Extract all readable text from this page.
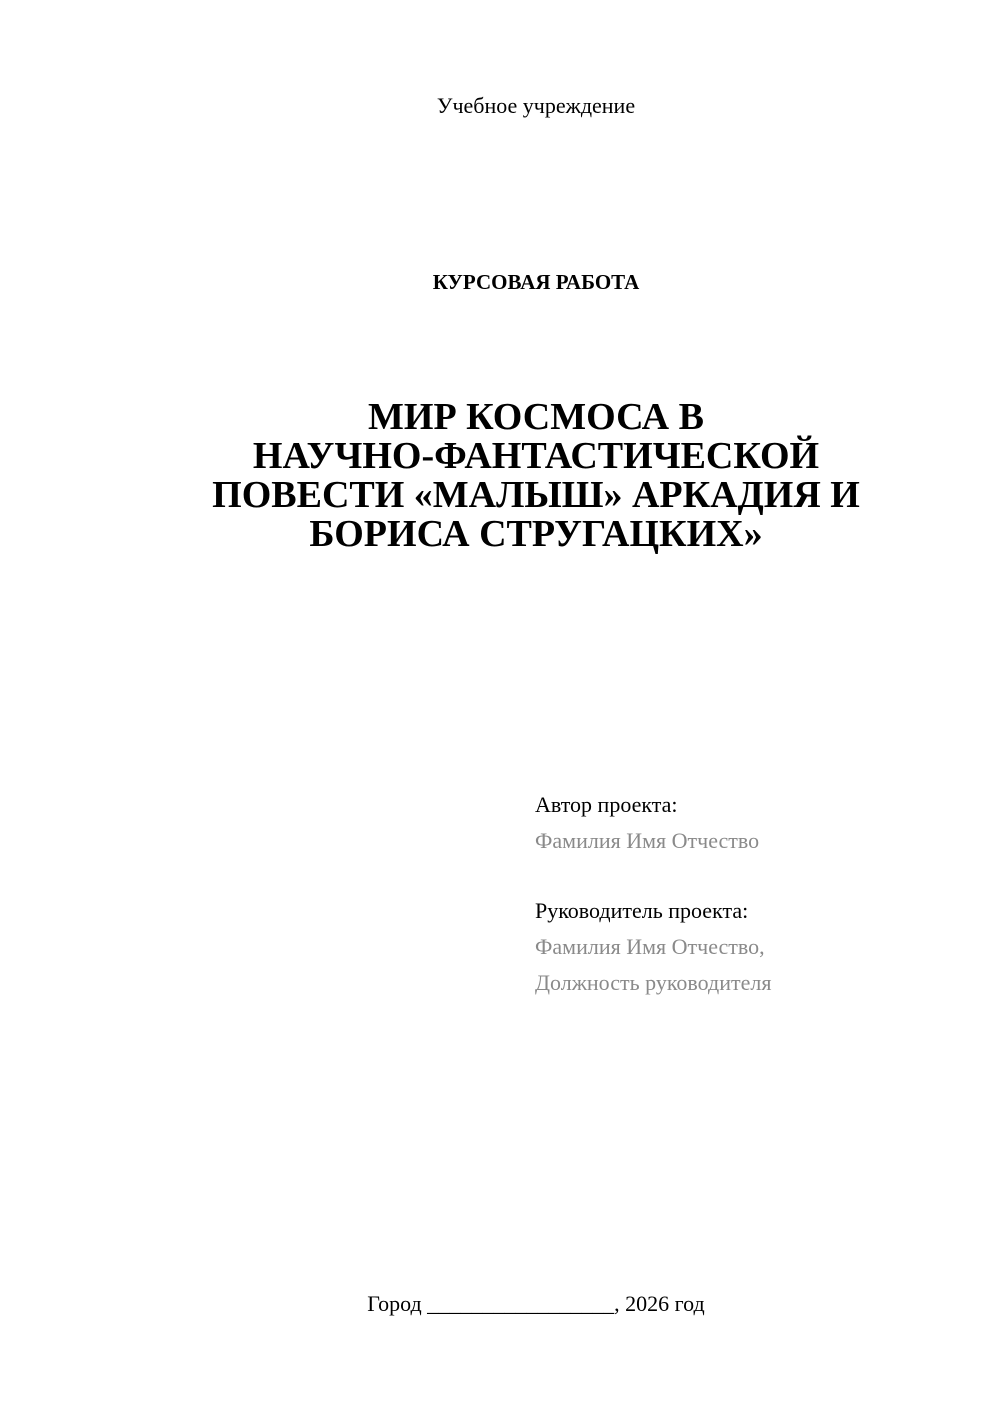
Учебное учреждение
КУРСОВАЯ РАБОТА
МИР КОСМОСА В
НАУЧНО-ФАНТАСТИЧЕСКОЙ
ПОВЕСТИ «МАЛЫШ» АРКАДИЯ И
БОРИСА СТРУГАЦКИХ»
Автор проекта:
Фамилия Имя Отчество
Руководитель проекта:
Фамилия Имя Отчество,
Должность руководителя
Город _________________, 2026 год
